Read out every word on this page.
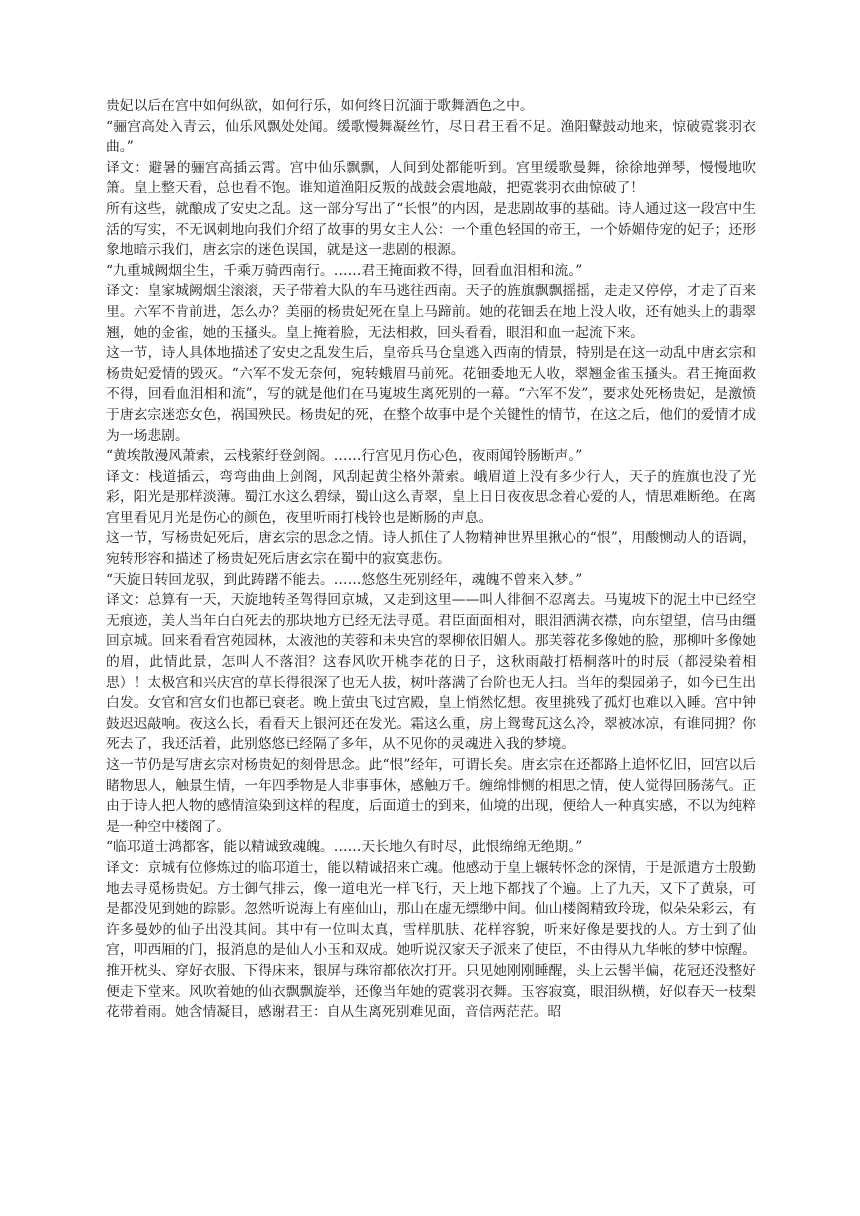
贵妃以后在宫中如何纵欲，如何行乐，如何终日沉湎于歌舞酒色之中。

“骊宫高处入青云，仙乐风飘处处闻。缓歌慢舞凝丝竹，尽日君王看不足。渔阳鼙鼓动地来，惊破霓裳羽衣曲。”

译文：避暑的骊宫高插云霄。宫中仙乐飘飘，人间到处都能听到。宫里缓歌曼舞，徐徐地弹琴，慢慢地吹箫。皇上整天看，总也看不饱。谁知道渔阳反叛的战鼓会震地敲，把霓裳羽衣曲惊破了！

所有这些，就酿成了安史之乱。这一部分写出了“长恨”的内因，是悲剧故事的基础。诗人通过这一段宫中生活的写实，不无讽刺地向我们介绍了故事的男女主人公：一个重色轻国的帝王，一个娇媚侍宠的妃子；还形象地暗示我们，唐玄宗的迷色误国，就是这一悲剧的根源。

“九重城阙烟尘生，千乘万骑西南行。……君王掩面救不得，回看血泪相和流。”

译文：皇家城阙烟尘滚滚，天子带着大队的车马逃往西南。天子的旌旗飘飘摇摇，走走又停停，才走了百来里。六军不肯前进，怎么办？美丽的杨贵妃死在皇上马蹄前。她的花钿丢在地上没人收，还有她头上的翡翠翘，她的金雀，她的玉搔头。皇上掩着脸，无法相救，回头看看，眼泪和血一起流下来。

这一节，诗人具体地描述了安史之乱发生后，皇帝兵马仓皇逃入西南的情景，特别是在这一动乱中唐玄宗和杨贵妃爱情的毁灭。“六军不发无奈何，宛转蛾眉马前死。花钿委地无人收，翠翘金雀玉搔头。君王掩面救不得，回看血泪相和流”，写的就是他们在马嵬坡生离死别的一幕。“六军不发”，要求处死杨贵妃，是激愤于唐玄宗迷恋女色，祸国殃民。杨贵妃的死，在整个故事中是个关键性的情节，在这之后，他们的爱情才成为一场悲剧。

“黄埃散漫风萧索，云栈萦纡登剑阁。……行宫见月伤心色，夜雨闻铃肠断声。”

译文：栈道插云，弯弯曲曲上剑阁，风刮起黄尘格外萧索。峨眉道上没有多少行人，天子的旌旗也没了光彩，阳光是那样淡薄。蜀江水这么碧绿，蜀山这么青翠，皇上日日夜夜思念着心爱的人，情思难断绝。在离宫里看见月光是伤心的颜色，夜里听雨打栈铃也是断肠的声息。

这一节，写杨贵妃死后，唐玄宗的思念之情。诗人抓住了人物精神世界里揪心的“恨”，用酸恻动人的语调，宛转形容和描述了杨贵妃死后唐玄宗在蜀中的寂寞悲伤。

“天旋日转回龙驭，到此踌躇不能去。……悠悠生死别经年，魂魄不曾来入梦。”

译文：总算有一天，天旋地转圣驾得回京城，又走到这里——叫人徘徊不忍离去。马嵬坡下的泥土中已经空无痕迹，美人当年白白死去的那块地方已经无法寻觅。君臣面面相对，眼泪洒满衣襟，向东望望，信马由缰回京城。回来看看宫苑园林，太液池的芙蓉和未央宫的翠柳依旧媚人。那芙蓉花多像她的脸，那柳叶多像她的眉，此情此景，怎叫人不落泪？这春风吹开桃李花的日子，这秋雨敲打梧桐落叶的时辰（都浸染着相思）！太极宫和兴庆宫的草长得很深了也无人拔，树叶落满了台阶也无人扫。当年的梨园弟子，如今已生出白发。女官和宫女们也都已衰老。晚上萤虫飞过宫殿，皇上悄然忆想。夜里挑残了孤灯也难以入睡。宫中钟鼓迟迟敲响。夜这么长，看看天上银河还在发光。霜这么重，房上鸳鸯瓦这么冷，翠被冰凉，有谁同拥？你死去了，我还活着，此别悠悠已经隔了多年，从不见你的灵魂进入我的梦境。

这一节仍是写唐玄宗对杨贵妃的刻骨思念。此“恨”经年，可谓长矣。唐玄宗在还都路上追怀忆旧，回宫以后睹物思人，触景生情，一年四季物是人非事事休，感触万千。缠绵悱恻的相思之情，使人觉得回肠荡气。正由于诗人把人物的感情渲染到这样的程度，后面道士的到来，仙境的出现，便给人一种真实感，不以为纯粹是一种空中楼阁了。

“临邛道士鸿都客，能以精诚致魂魄。……天长地久有时尽，此恨绵绵无绝期。”

译文：京城有位修炼过的临邛道士，能以精诚招来亡魂。他感动于皇上辗转怀念的深情，于是派遣方士殷勤地去寻觅杨贵妃。方士御气排云，像一道电光一样飞行，天上地下都找了个遍。上了九天，又下了黄泉，可是都没见到她的踪影。忽然听说海上有座仙山，那山在虚无缥缈中间。仙山楼阁精致玲珑，似朵朵彩云，有许多曼妙的仙子出没其间。其中有一位叫太真，雪样肌肤、花样容貌，听来好像是要找的人。方士到了仙宫，叩西厢的门，报消息的是仙人小玉和双成。她听说汉家天子派来了使臣，不由得从九华帐的梦中惊醒。推开枕头、穿好衣服、下得床来，银屏与珠帘都依次打开。只见她刚刚睡醒，头上云髻半偏，花冠还没整好便走下堂来。风吹着她的仙衣飘飘旋举，还像当年她的霓裳羽衣舞。玉容寂寞，眼泪纵横，好似春天一枝梨花带着雨。她含情凝目，感谢君王：自从生离死别难见面，音信两茫茫。昭
